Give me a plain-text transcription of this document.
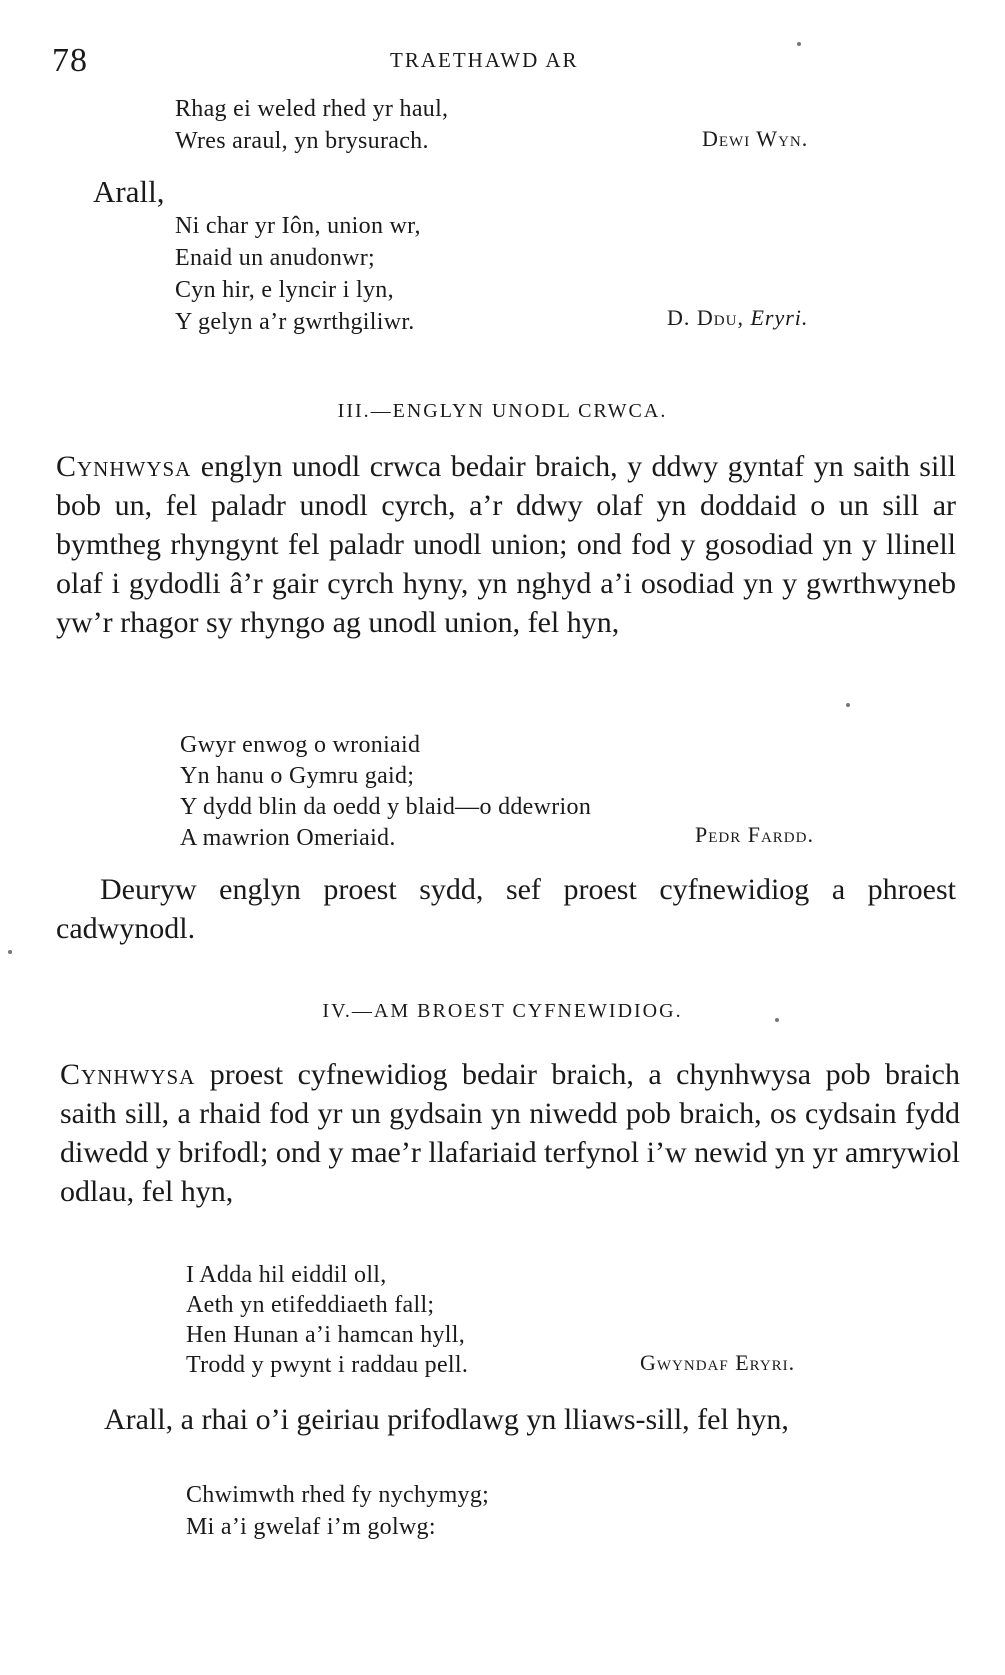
78	TRAETHAWD AR
Rhag ei weled rhed yr haul,
Wres araul, yn brysurach.	Dewi Wyn.
Arall,
Ni char yr Iôn, union wr,
Enaid un anudonwr;
Cyn hir, e lyncir i lyn,
Y gelyn a’r gwrthgiliwr.	D. Ddu, Eryri.
III.—ENGLYN UNODL CRWCA.
Cynhwysa englyn unodl crwca bedair braich, y ddwy gyntaf yn saith sill bob un, fel paladr unodl cyrch, a’r ddwy olaf yn doddaid o un sill ar bymtheg rhyngynt fel paladr unodl union; ond fod y gosodiad yn y llinell olaf i gydodli â’r gair cyrch hyny, yn nghyd a’i osodiad yn y gwrthwyneb yw’r rhagor sy rhyngo ag unodl union, fel hyn,
Gwyr enwog o wroniaid
Yn hanu o Gymru gaid;
Y dydd blin da oedd y blaid—o ddewrion
A mawrion Omeriaid.	Pedr Fardd.
Deuryw englyn proest sydd, sef proest cyfnewidiog a phroest cadwynodl.
IV.—AM BROEST CYFNEWIDIOG.
Cynhwysa proest cyfnewidiog bedair braich, a chynhwysa pob braich saith sill, a rhaid fod yr un gydsain yn niwedd pob braich, os cydsain fydd diwedd y brifodl; ond y mae’r llafariaid terfynol i’w newid yn yr amrywiol odlau, fel hyn,
I Adda hil eiddil oll,
Aeth yn etifeddiaeth fall;
Hen Hunan a’i hamcan hyll,
Trodd y pwynt i raddau pell.	Gwyndaf Eryri.
Arall, a rhai o’i geiriau prifodlawg yn lliaws-sill, fel hyn,
Chwimwth rhed fy nychymyg;
Mi a’i gwelaf i’m golwg:
